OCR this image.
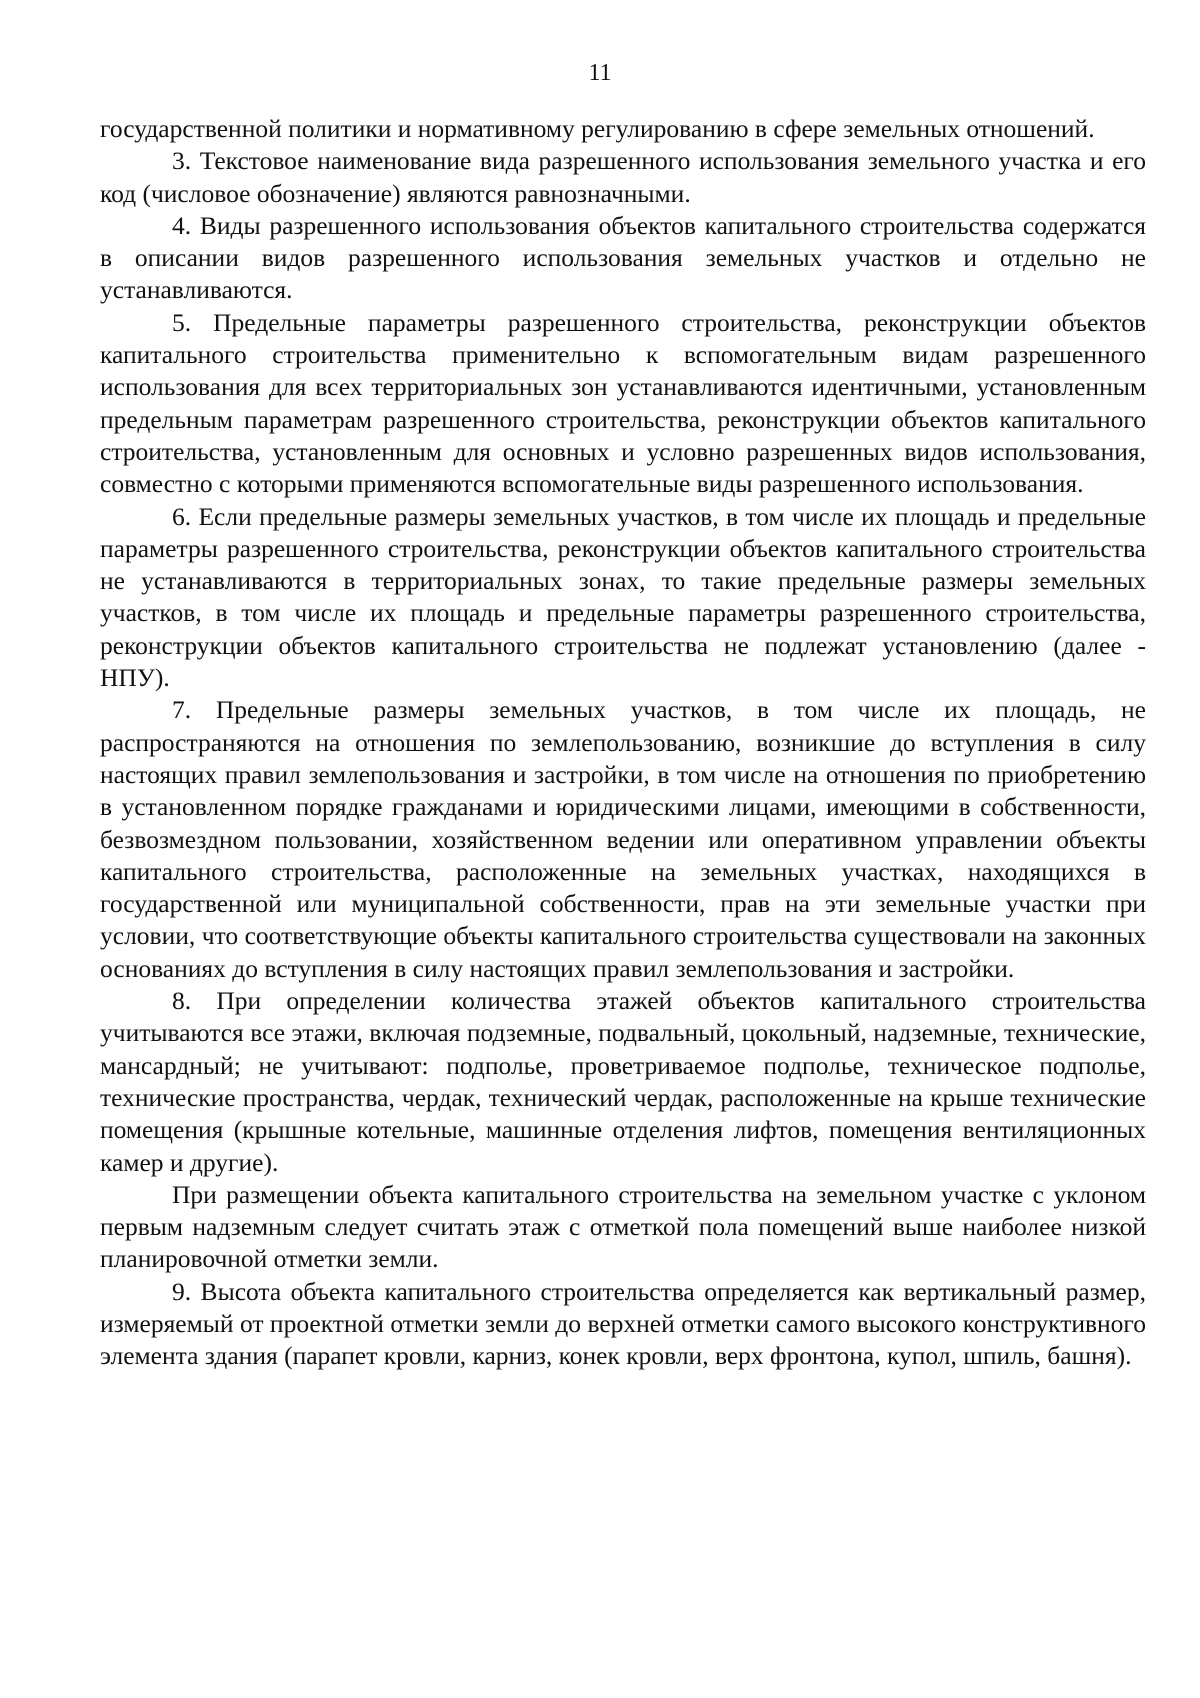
11

государственной политики и нормативному регулированию в сфере земельных отношений.

3. Текстовое наименование вида разрешенного использования земельного участка и его код (числовое обозначение) являются равнозначными.

4. Виды разрешенного использования объектов капитального строительства содержатся в описании видов разрешенного использования земельных участков и отдельно не устанавливаются.

5. Предельные параметры разрешенного строительства, реконструкции объектов капитального строительства применительно к вспомогательным видам разрешенного использования для всех территориальных зон устанавливаются идентичными, установленным предельным параметрам разрешенного строительства, реконструкции объектов капитального строительства, установленным для основных и условно разрешенных видов использования, совместно с которыми применяются вспомогательные виды разрешенного использования.

6. Если предельные размеры земельных участков, в том числе их площадь и предельные параметры разрешенного строительства, реконструкции объектов капитального строительства не устанавливаются в территориальных зонах, то такие предельные размеры земельных участков, в том числе их площадь и предельные параметры разрешенного строительства, реконструкции объектов капитального строительства не подлежат установлению (далее - НПУ).

7. Предельные размеры земельных участков, в том числе их площадь, не распространяются на отношения по землепользованию, возникшие до вступления в силу настоящих правил землепользования и застройки, в том числе на отношения по приобретению в установленном порядке гражданами и юридическими лицами, имеющими в собственности, безвозмездном пользовании, хозяйственном ведении или оперативном управлении объекты капитального строительства, расположенные на земельных участках, находящихся в государственной или муниципальной собственности, прав на эти земельные участки при условии, что соответствующие объекты капитального строительства существовали на законных основаниях до вступления в силу настоящих правил землепользования и застройки.

8. При определении количества этажей объектов капитального строительства учитываются все этажи, включая подземные, подвальный, цокольный, надземные, технические, мансардный; не учитывают: подполье, проветриваемое подполье, техническое подполье, технические пространства, чердак, технический чердак, расположенные на крыше технические помещения (крышные котельные, машинные отделения лифтов, помещения вентиляционных камер и другие).

При размещении объекта капитального строительства на земельном участке с уклоном первым надземным следует считать этаж с отметкой пола помещений выше наиболее низкой планировочной отметки земли.

9. Высота объекта капитального строительства определяется как вертикальный размер, измеряемый от проектной отметки земли до верхней отметки самого высокого конструктивного элемента здания (парапет кровли, карниз, конек кровли, верх фронтона, купол, шпиль, башня).
